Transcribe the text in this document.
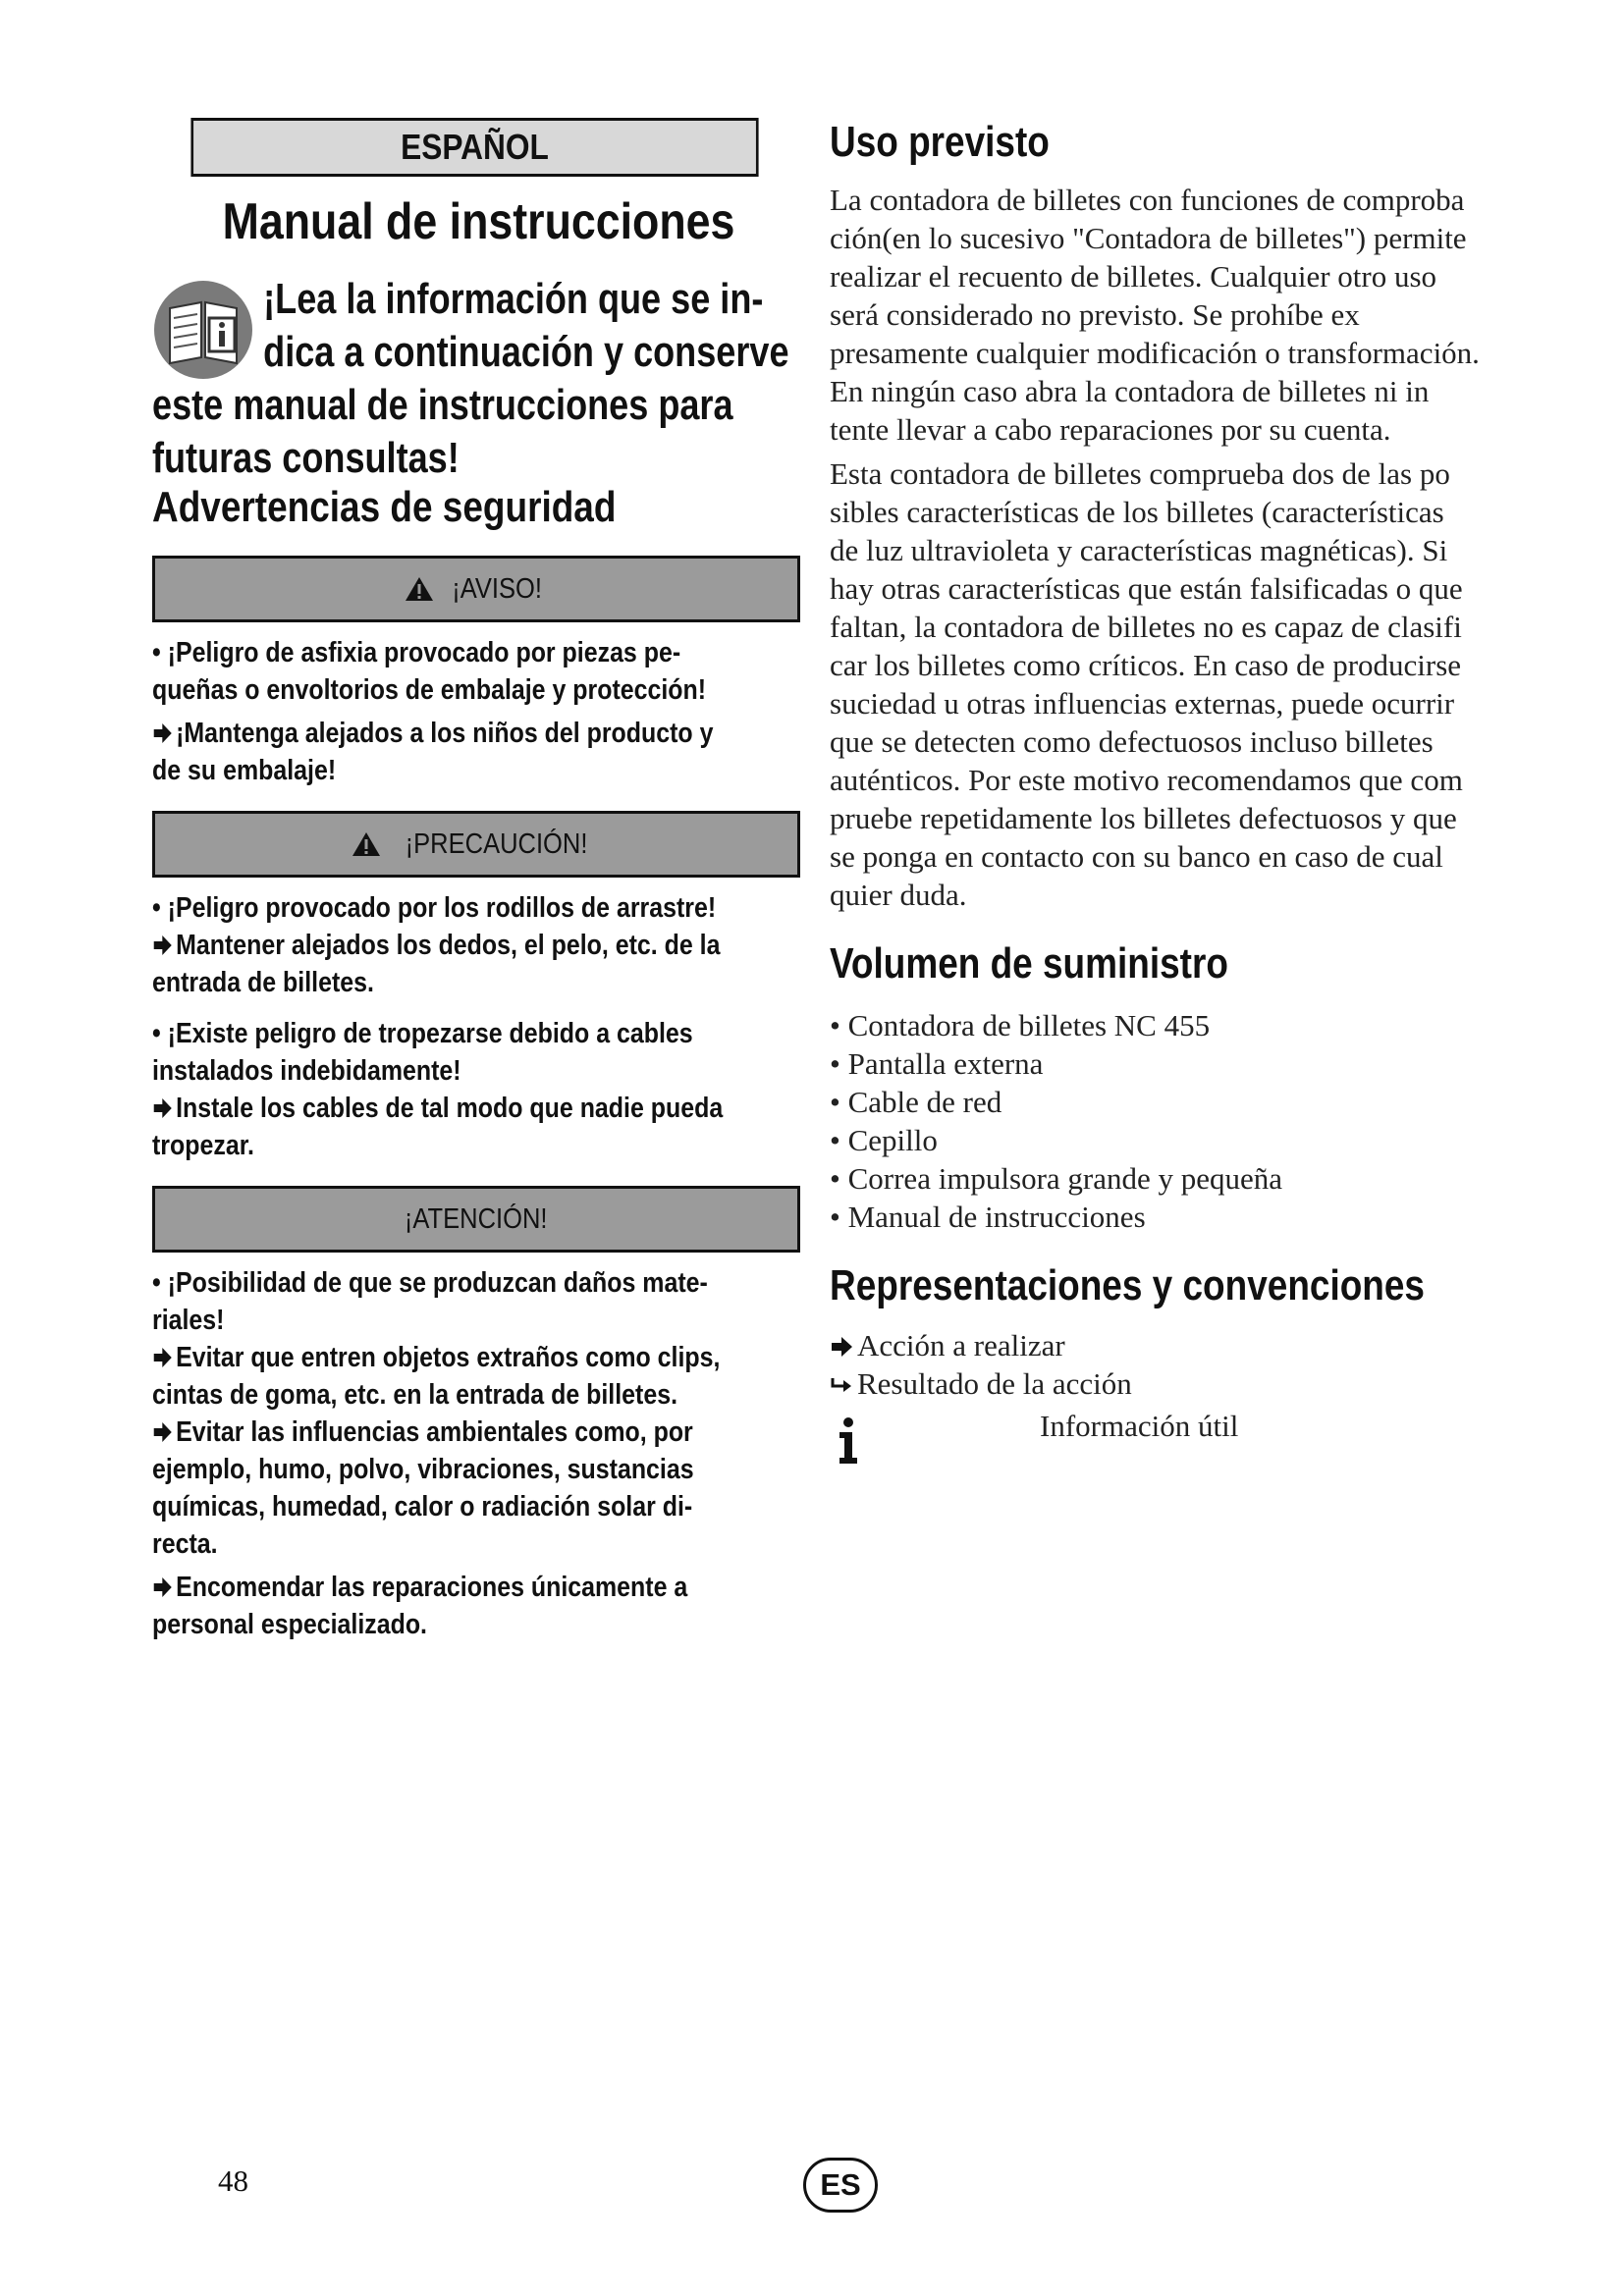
ESPAÑOL
Manual de instrucciones
¡Lea la información que se in-
dica a continuación y conserve
este manual de instrucciones para
futuras consultas!
Advertencias de seguridad
¡AVISO!

• ¡Peligro de asfixia provocado por piezas pe-
queñas o envoltorios de embalaje y protección!

¡Mantenga alejados a los niños del producto y
de su embalaje!

¡PRECAUCIÓN!

• ¡Peligro provocado por los rodillos de arrastre!
Mantener alejados los dedos, el pelo, etc. de la
entrada de billetes.

• ¡Existe peligro de tropezarse debido a cables
instalados indebidamente!
Instale los cables de tal modo que nadie pueda
tropezar.

¡ATENCIÓN!

• ¡Posibilidad de que se produzcan daños mate-
riales!
Evitar que entren objetos extraños como clips,
cintas de goma, etc. en la entrada de billetes.
Evitar las influencias ambientales como, por
ejemplo, humo, polvo, vibraciones, sustancias
químicas, humedad, calor o radiación solar di-
recta.

Encomendar las reparaciones únicamente a
personal especializado.

Uso previsto
La contadora de billetes con funciones de comproba
ción(en lo sucesivo "Contadora de billetes") permite
realizar el recuento de billetes. Cualquier otro uso
será considerado no previsto. Se prohíbe ex
presamente cualquier modificación o transformación.
En ningún caso abra la contadora de billetes ni in
tente llevar a cabo reparaciones por su cuenta.
Esta contadora de billetes comprueba dos de las po
sibles características de los billetes (características
de luz ultravioleta y características magnéticas). Si
hay otras características que están falsificadas o que
faltan, la contadora de billetes no es capaz de clasifi
car los billetes como críticos. En caso de producirse
suciedad u otras influencias externas, puede ocurrir
que se detecten como defectuosos incluso billetes
auténticos. Por este motivo recomendamos que com
pruebe repetidamente los billetes defectuosos y que
se ponga en contacto con su banco en caso de cual
quier duda.
Volumen de suministro
• Contadora de billetes NC 455
• Pantalla externa
• Cable de red
• Cepillo
• Correa impulsora grande y pequeña
• Manual de instrucciones
Representaciones y convenciones
Acción a realizar
Resultado de la acción
Información útil
48	ES
